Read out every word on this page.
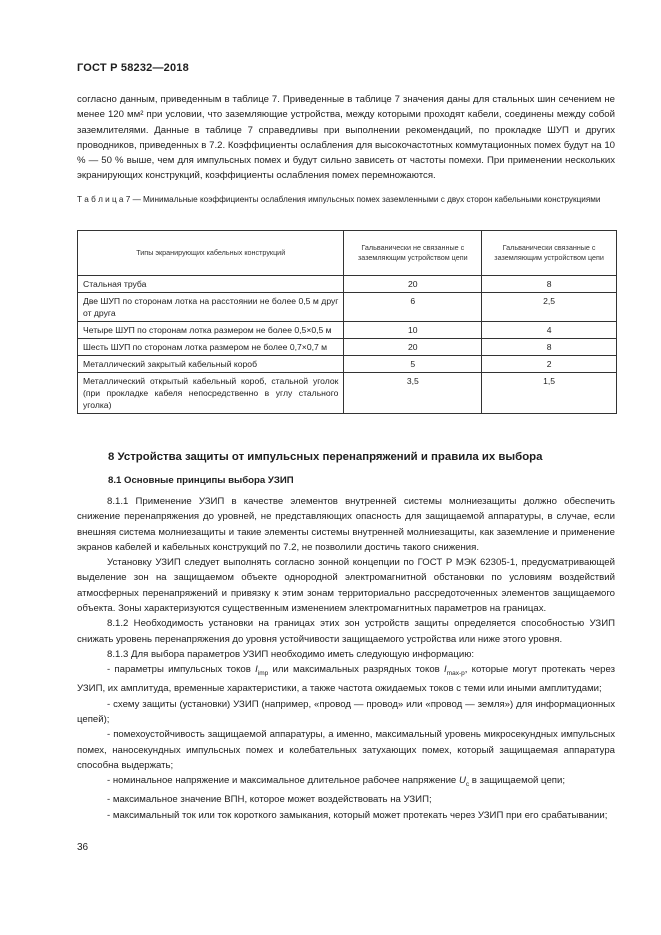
ГОСТ Р 58232—2018

согласно данным, приведенным в таблице 7. Приведенные в таблице 7 значения даны для стальных шин сечением не менее 120 мм² при условии, что заземляющие устройства, между которыми проходят кабели, соединены между собой заземлителями. Данные в таблице 7 справедливы при выполнении рекомендаций, по прокладке ШУП и других проводников, приведенных в 7.2. Коэффициенты ослабления для высокочастотных коммутационных помех будут на 10 % — 50 % выше, чем для импульсных помех и будут сильно зависеть от частоты помехи. При применении нескольких экранирующих конструкций, коэффициенты ослабления помех перемножаются.

Т а б л и ц а 7 — Минимальные коэффициенты ослабления импульсных помех заземленными с двух сторон кабельными конструкциями

Типы экранирующих кабельных конструкций	Гальванически не связанные с заземляющим устройством цепи	Гальванически связанные с заземляющим устройством цепи
Стальная труба	20	8
Две ШУП по сторонам лотка на расстоянии не более 0,5 м друг от друга	6	2,5
Четыре ШУП по сторонам лотка размером не более 0,5×0,5 м	10	4
Шесть ШУП по сторонам лотка размером не более 0,7×0,7 м	20	8
Металлический закрытый кабельный короб	5	2
Металлический открытый кабельный короб, стальной уголок (при прокладке кабеля непосредственно в углу стального уголка)	3,5	1,5
8 Устройства защиты от импульсных перенапряжений и правила их выбора
8.1 Основные принципы выбора УЗИП

8.1.1 Применение УЗИП в качестве элементов внутренней системы молниезащиты должно обеспечить снижение перенапряжения до уровней, не представляющих опасность для защищаемой аппаратуры, в случае, если внешняя система молниезащиты и такие элементы системы внутренней молниезащиты, как заземление и применение экранов кабелей и кабельных конструкций по 7.2, не позволили достичь такого снижения.

Установку УЗИП следует выполнять согласно зонной концепции по ГОСТ Р МЭК 62305-1, предусматривающей выделение зон на защищаемом объекте однородной электромагнитной обстановки по условиям воздействий атмосферных перенапряжений и привязку к этим зонам территориально рассредоточенных элементов защищаемого объекта. Зоны характеризуются существенным изменением электромагнитных параметров на границах.

8.1.2 Необходимость установки на границах этих зон устройств защиты определяется способностью УЗИП снижать уровень перенапряжения до уровня устойчивости защищаемого устройства или ниже этого уровня.

8.1.3 Для выбора параметров УЗИП необходимо иметь следующую информацию:

- параметры импульсных токов $I_{imp}$ или максимальных разрядных токов $I_{max-p}$, которые могут протекать через УЗИП, их амплитуда, временные характеристики, а также частота ожидаемых токов с теми или иными амплитудами;

- схему защиты (установки) УЗИП (например, «провод — провод» или «провод — земля») для информационных цепей);

- помехоустойчивость защищаемой аппаратуры, а именно, максимальный уровень микросекундных импульсных помех, наносекундных импульсных помех и колебательных затухающих помех, который защищаемая аппаратура способна выдержать;

- номинальное напряжение и максимальное длительное рабочее напряжение $U_c$ в защищаемой цепи;

- максимальное значение ВПН, которое может воздействовать на УЗИП;

- максимальный ток или ток короткого замыкания, который может протекать через УЗИП при его срабатывании;

36
